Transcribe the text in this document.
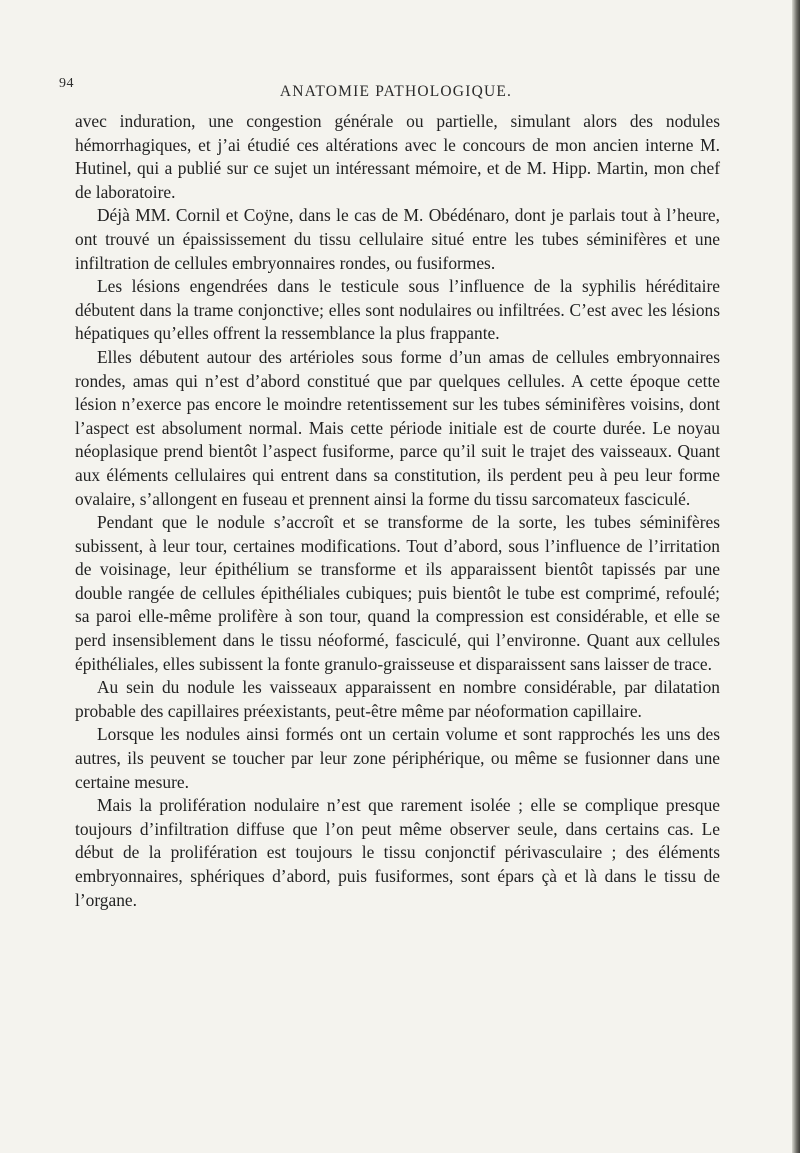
94	ANATOMIE PATHOLOGIQUE.

avec induration, une congestion générale ou partielle, simulant alors des nodules hémorrhagiques, et j’ai étudié ces altérations avec le concours de mon ancien interne M. Hutinel, qui a publié sur ce sujet un intéressant mémoire, et de M. Hipp. Martin, mon chef de laboratoire.

Déjà MM. Cornil et Coÿne, dans le cas de M. Obédénaro, dont je parlais tout à l’heure, ont trouvé un épaississement du tissu cellulaire situé entre les tubes séminifères et une infiltration de cellules embryonnaires rondes, ou fusiformes.

Les lésions engendrées dans le testicule sous l’influence de la syphilis héréditaire débutent dans la trame conjonctive; elles sont nodulaires ou infiltrées. C’est avec les lésions hépatiques qu’elles offrent la ressemblance la plus frappante.

Elles débutent autour des artérioles sous forme d’un amas de cellules embryonnaires rondes, amas qui n’est d’abord constitué que par quelques cellules. A cette époque cette lésion n’exerce pas encore le moindre retentissement sur les tubes séminifères voisins, dont l’aspect est absolument normal. Mais cette période initiale est de courte durée. Le noyau néoplasique prend bientôt l’aspect fusiforme, parce qu’il suit le trajet des vaisseaux. Quant aux éléments cellulaires qui entrent dans sa constitution, ils perdent peu à peu leur forme ovalaire, s’allongent en fuseau et prennent ainsi la forme du tissu sarcomateux fasciculé.

Pendant que le nodule s’accroît et se transforme de la sorte, les tubes séminifères subissent, à leur tour, certaines modifications. Tout d’abord, sous l’influence de l’irritation de voisinage, leur épithélium se transforme et ils apparaissent bientôt tapissés par une double rangée de cellules épithéliales cubiques; puis bientôt le tube est comprimé, refoulé; sa paroi elle-même prolifère à son tour, quand la compression est considérable, et elle se perd insensiblement dans le tissu néoformé, fasciculé, qui l’environne. Quant aux cellules épithéliales, elles subissent la fonte granulo-graisseuse et disparaissent sans laisser de trace.

Au sein du nodule les vaisseaux apparaissent en nombre considérable, par dilatation probable des capillaires préexistants, peut-être même par néoformation capillaire.

Lorsque les nodules ainsi formés ont un certain volume et sont rapprochés les uns des autres, ils peuvent se toucher par leur zone périphérique, ou même se fusionner dans une certaine mesure.

Mais la prolifération nodulaire n’est que rarement isolée ; elle se complique presque toujours d’infiltration diffuse que l’on peut même observer seule, dans certains cas. Le début de la prolifération est toujours le tissu conjonctif périvasculaire ; des éléments embryonnaires, sphériques d’abord, puis fusiformes, sont épars çà et là dans le tissu de l’organe.
